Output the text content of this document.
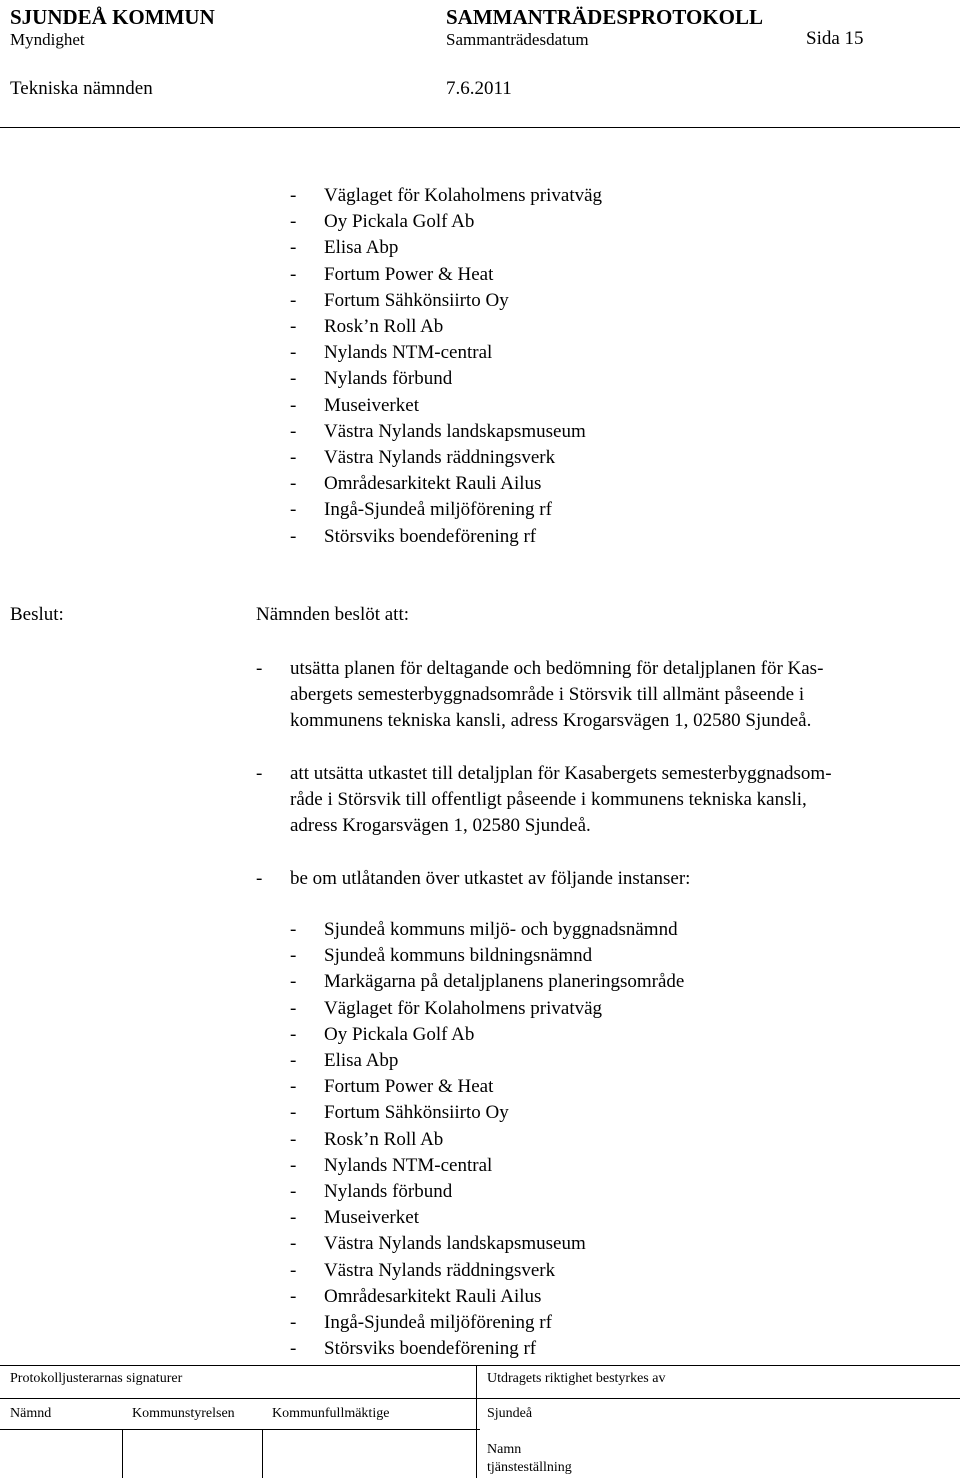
SJUNDEÅ KOMMUN	SAMMANTRÄDESPROTOKOLL
Myndighet	Sammanträdesdatum	Sida 15
Tekniska nämnden	7.6.2011
- Väglaget för Kolaholmens privatväg
- Oy Pickala Golf Ab
- Elisa Abp
- Fortum Power & Heat
- Fortum Sähkönsiirto Oy
- Rosk’n Roll Ab
- Nylands NTM-central
- Nylands förbund
- Museiverket
- Västra Nylands landskapsmuseum
- Västra Nylands räddningsverk
- Områdesarkitekt Rauli Ailus
- Ingå-Sjundeå miljöförening rf
- Störsviks boendeförening rf
Beslut:	Nämnden beslöt att:
- utsätta planen för deltagande och bedömning för detaljplanen för Kas-
abergets semesterbyggnadsområde i Störsvik till allmänt påseende i
kommunens tekniska kansli, adress Krogarsvägen 1, 02580 Sjundeå.
- att utsätta utkastet till detaljplan för Kasabergets semesterbyggnadsom-
råde i Störsvik till offentligt påseende i kommunens tekniska kansli,
adress Krogarsvägen 1, 02580 Sjundeå.
- be om utlåtanden över utkastet av följande instanser:
- Sjundeå kommuns miljö- och byggnadsnämnd
- Sjundeå kommuns bildningsnämnd
- Markägarna på detaljplanens planeringsområde
- Väglaget för Kolaholmens privatväg
- Oy Pickala Golf Ab
- Elisa Abp
- Fortum Power & Heat
- Fortum Sähkönsiirto Oy
- Rosk’n Roll Ab
- Nylands NTM-central
- Nylands förbund
- Museiverket
- Västra Nylands landskapsmuseum
- Västra Nylands räddningsverk
- Områdesarkitekt Rauli Ailus
- Ingå-Sjundeå miljöförening rf
- Störsviks boendeförening rf
Protokolljusterarnas signaturer	Utdragets riktighet bestyrkes av
Nämnd	Kommunstyrelsen	Kommunfullmäktige	Sjundeå
Namn
tjänsteställning
